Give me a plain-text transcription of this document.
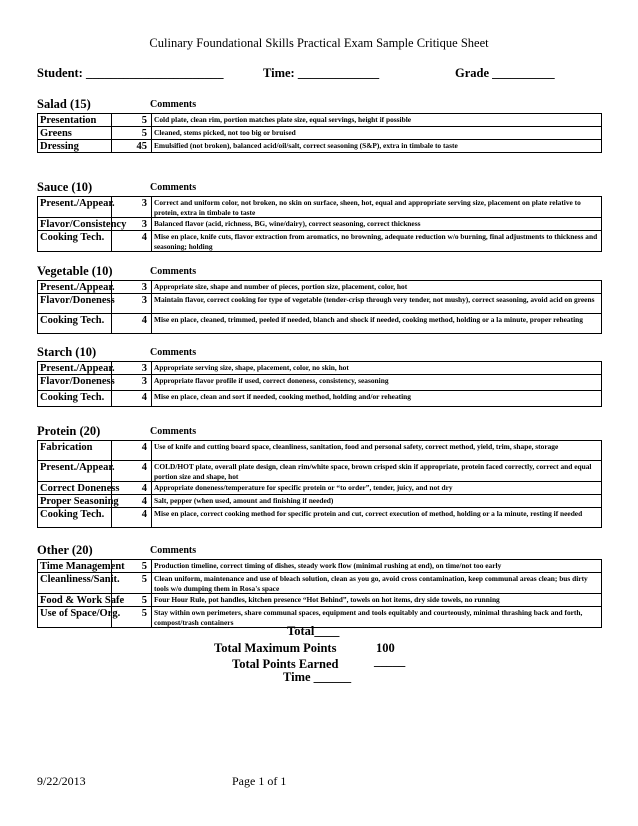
Culinary Foundational Skills Practical Exam Sample Critique Sheet
Student: ______________________	Time: _____________	Grade __________
Salad (15)	Comments
Presentation	5	Cold plate, clean rim, portion matches plate size, equal servings, height if possible
Greens	5	Cleaned, stems picked, not too big or bruised
Dressing	45	Emulsified (not broken), balanced acid/oil/salt, correct seasoning (S&P), extra in timbale to taste
Sauce (10)	Comments
Present./Appear.	3	Correct and uniform color, not broken, no skin on surface, sheen, hot, equal and appropriate serving size, placement on plate relative to protein, extra in timbale to taste
Flavor/Consistency	3	Balanced flavor (acid, richness, BG, wine/dairy), correct seasoning, correct thickness
Cooking Tech.	4	Mise en place, knife cuts, flavor extraction from aromatics, no browning, adequate reduction w/o burning, final adjustments to thickness and seasoning; holding
Vegetable (10)	Comments
Present./Appear.	3	Appropriate size, shape and number of pieces, portion size, placement, color, hot
Flavor/Doneness	3	Maintain flavor, correct cooking for type of vegetable (tender-crisp through very tender, not mushy), correct seasoning, avoid acid on greens
Cooking Tech.	4	Mise en place, cleaned, trimmed, peeled if needed, blanch and shock if needed, cooking method, holding or a la minute, proper reheating
Starch (10)	Comments
Present./Appear.	3	Appropriate serving size, shape, placement, color, no skin, hot
Flavor/Doneness	3	Appropriate flavor profile if used, correct doneness, consistency, seasoning
Cooking Tech.	4	Mise en place, clean and sort if needed, cooking method, holding and/or reheating
Protein (20)	Comments
Fabrication	4	Use of knife and cutting board space, cleanliness, sanitation, food and personal safety, correct method, yield, trim, shape, storage
Present./Appear.	4	COLD/HOT plate, overall plate design, clean rim/white space, brown crisped skin if appropriate, protein faced correctly, correct and equal portion size and shape, hot
Correct Doneness	4	Appropriate doneness/temperature for specific protein or “to order”, tender, juicy, and not dry
Proper Seasoning	4	Salt, pepper (when used, amount and finishing if needed)
Cooking Tech.	4	Mise en place, correct cooking method for specific protein and cut, correct execution of method, holding or a la minute, resting if needed
Other (20)	Comments
Time Management	5	Production timeline, correct timing of dishes, steady work flow (minimal rushing at end), on time/not too early
Cleanliness/Sanit.	5	Clean uniform, maintenance and use of bleach solution, clean as you go, avoid cross contamination, keep communal areas clean; bus dirty tools w/o dumping them in Rosa's space
Food & Work Safe	5	Four Hour Rule, pot handles, kitchen presence “Hot Behind”, towels on hot items, dry side towels, no running
Use of Space/Org.	5	Stay within own perimeters, share communal spaces, equipment and tools equitably and courteously, minimal thrashing back and forth, compost/trash containers
Total____
Total Maximum Points	100
Total Points Earned	_____
Time ______
9/22/2013	Page 1 of 1
